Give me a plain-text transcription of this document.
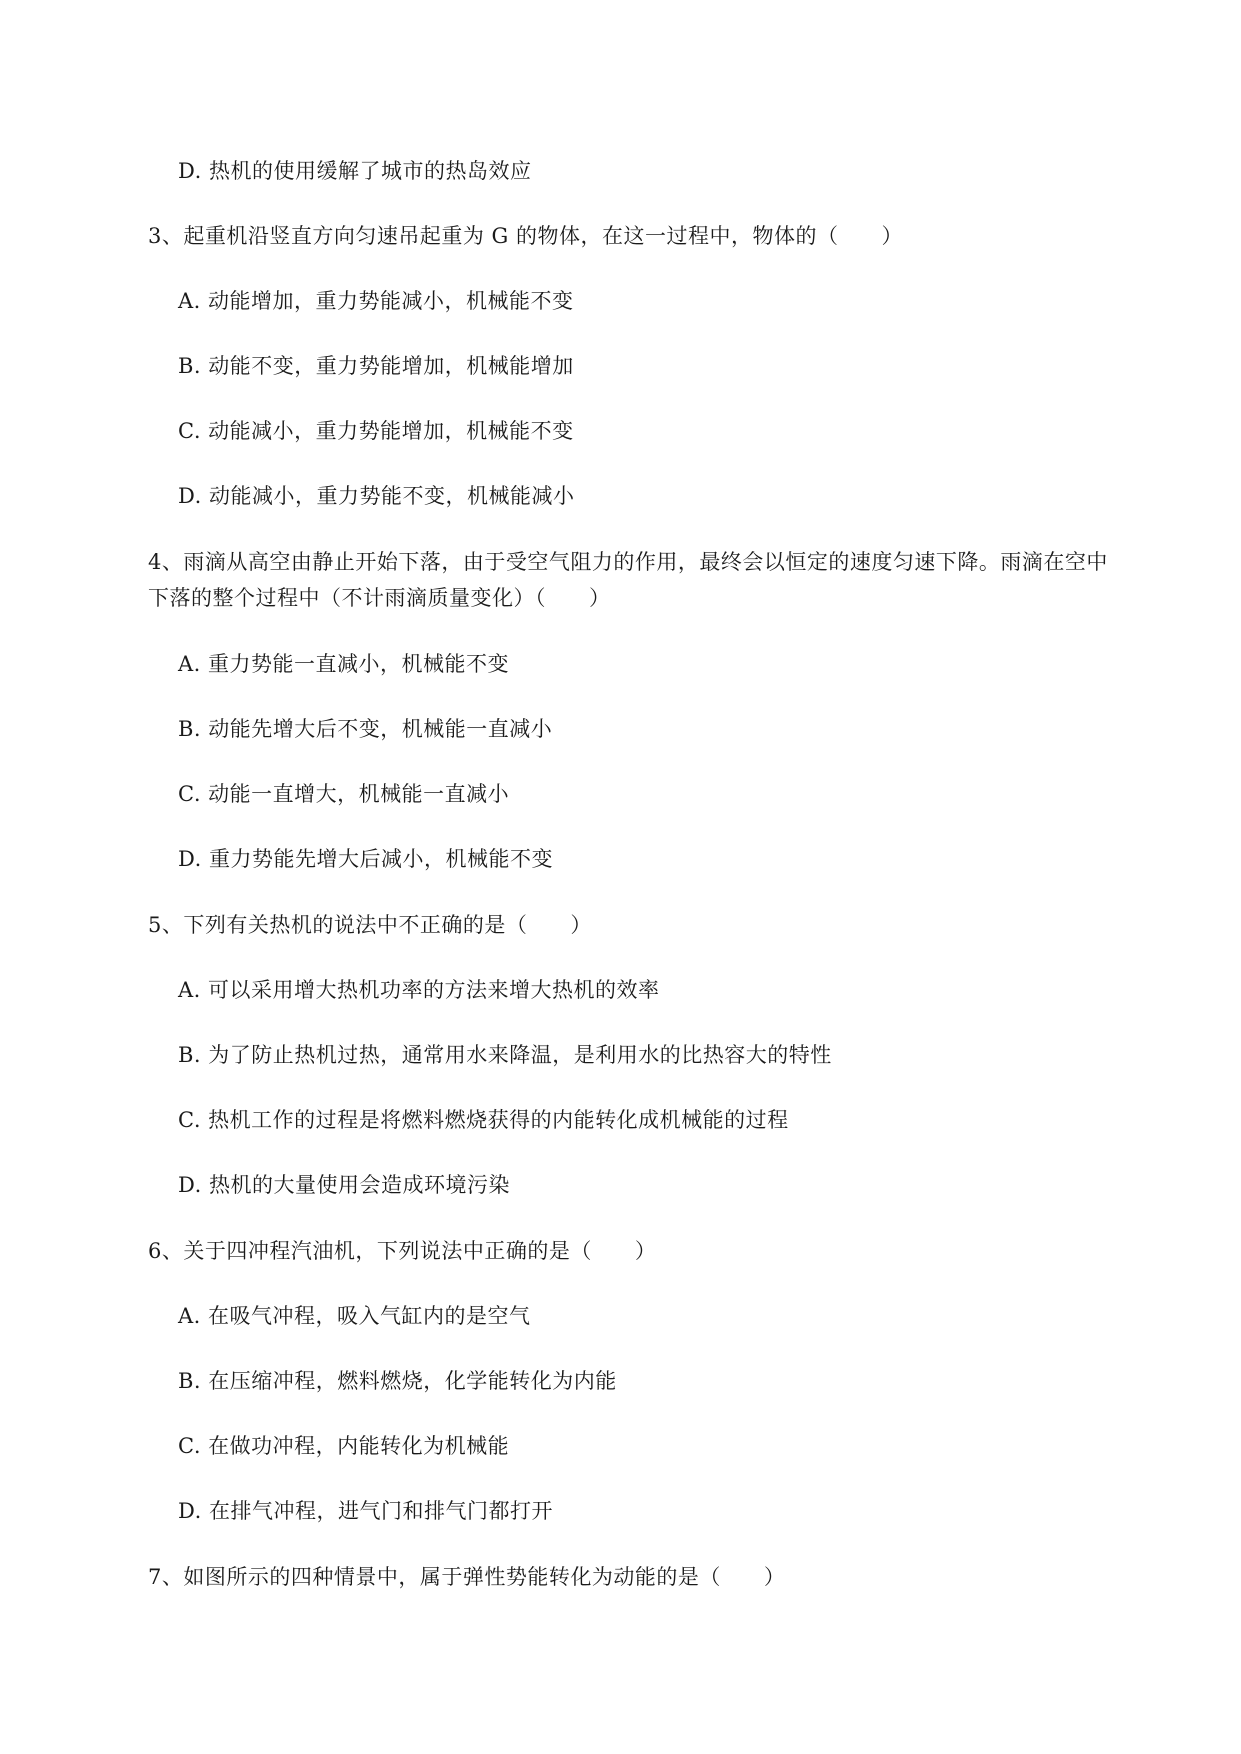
D. 热机的使用缓解了城市的热岛效应
3、起重机沿竖直方向匀速吊起重为 G 的物体，在这一过程中，物体的（　　）
A. 动能增加，重力势能减小，机械能不变
B. 动能不变，重力势能增加，机械能增加
C. 动能减小，重力势能增加，机械能不变
D. 动能减小，重力势能不变，机械能减小
4、雨滴从高空由静止开始下落，由于受空气阻力的作用，最终会以恒定的速度匀速下降。雨滴在空中
下落的整个过程中（不计雨滴质量变化）（　　）
A. 重力势能一直减小，机械能不变
B. 动能先增大后不变，机械能一直减小
C. 动能一直增大，机械能一直减小
D. 重力势能先增大后减小，机械能不变
5、下列有关热机的说法中不正确的是（　　）
A. 可以采用增大热机功率的方法来增大热机的效率
B. 为了防止热机过热，通常用水来降温，是利用水的比热容大的特性
C. 热机工作的过程是将燃料燃烧获得的内能转化成机械能的过程
D. 热机的大量使用会造成环境污染
6、关于四冲程汽油机，下列说法中正确的是（　　）
A. 在吸气冲程，吸入气缸内的是空气
B. 在压缩冲程，燃料燃烧，化学能转化为内能
C. 在做功冲程，内能转化为机械能
D. 在排气冲程，进气门和排气门都打开
7、如图所示的四种情景中，属于弹性势能转化为动能的是（　　）
